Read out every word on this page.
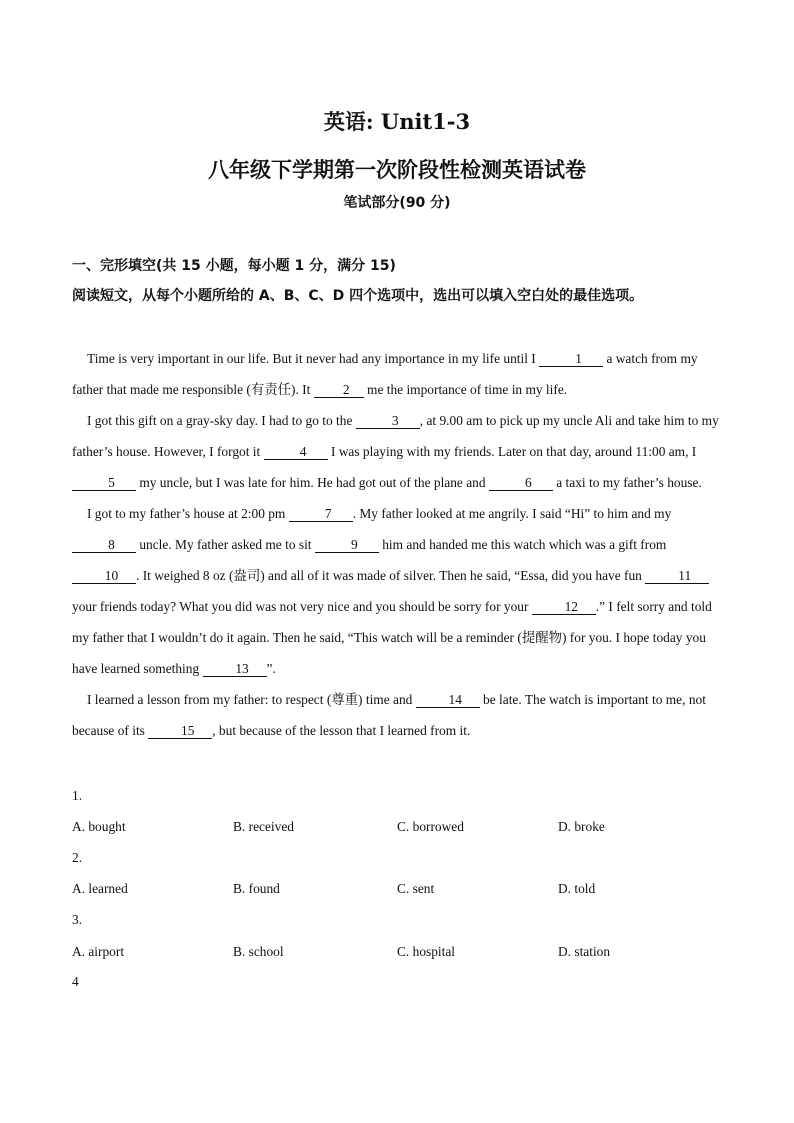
英语: Unit1-3
八年级下学期第一次阶段性检测英语试卷
笔试部分(90 分)
一、完形填空(共 15 小题，每小题 1 分，满分 15)
阅读短文，从每个小题所给的 A、B、C、D 四个选项中，选出可以填入空白处的最佳选项。

Time is very important in our life. But it never had any importance in my life until I	1 a watch from my father that made me responsible (有责任). It 2 me the importance of time in my life.

I got this gift on a gray-sky day. I had to go to the	3 , at 9.00 am to pick up my uncle Ali and take him to my father’s house. However, I forgot it	4 I was playing with my friends. Later on that day, around 11:00 am, I 5 my uncle, but I was late for him. He had got out of the plane and	6 a taxi to my father’s house.

I got to my father’s house at 2:00 pm	7 . My father looked at me angrily. I said “Hi” to him and my 8 uncle. My father asked me to sit	9 him and handed me this watch which was a gift from 10 . It weighed 8 oz (盎司) and all of it was made of silver. Then he said, “Essa, did you have fun 11 your friends today? What you did was not very nice and you should be sorry for your 12 .” I felt sorry and told my father that I wouldn’t do it again. Then he said, “This watch will be a reminder (提醒物) for you. I hope today you have learned something 13 ”.

I learned a lesson from my father: to respect (尊重) time and 14 be late. The watch is important to me, not because of its 15 , but because of the lesson that I learned from it.

1.
A. bought	B. received	C. borrowed	D. broke
2.
A. learned	B. found	C. sent	D. told
3.
A. airport	B. school	C. hospital	D. station
4
